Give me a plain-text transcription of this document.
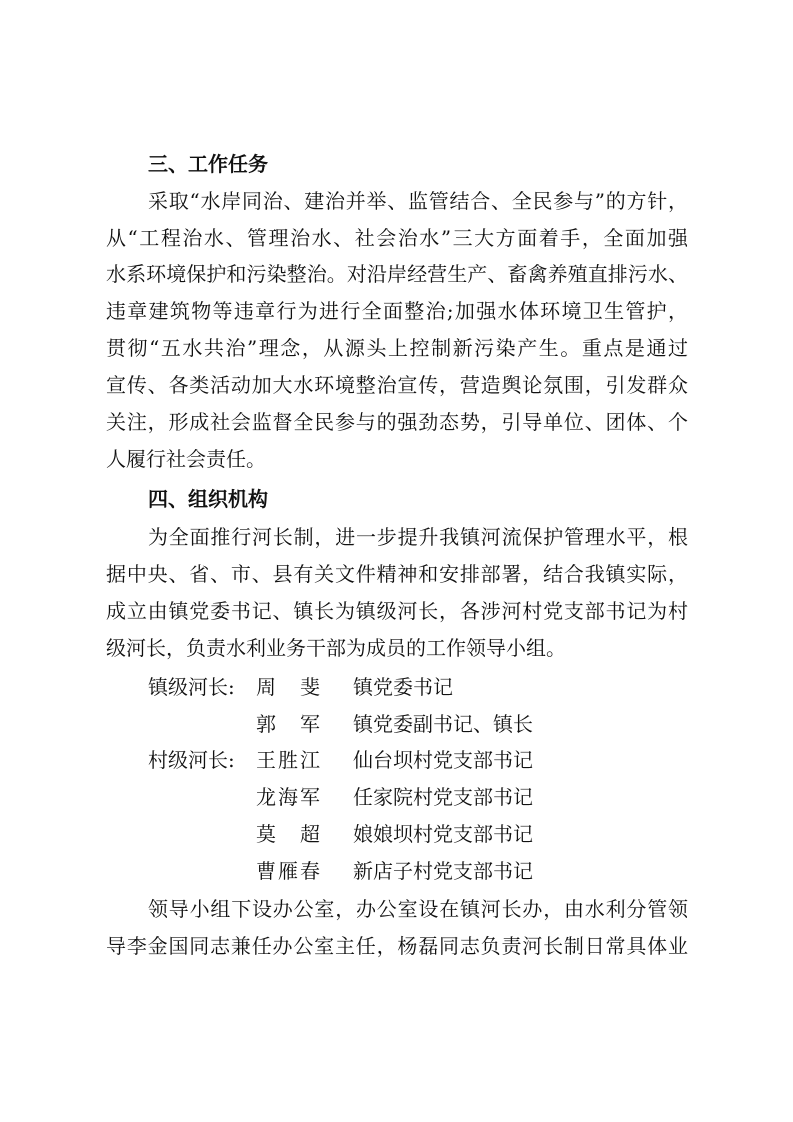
三、工作任务
采取“水岸同治、建治并举、监管结合、全民参与”的方针，
从“工程治水、管理治水、社会治水”三大方面着手，全面加强
水系环境保护和污染整治。对沿岸经营生产、畜禽养殖直排污水、
违章建筑物等违章行为进行全面整治;加强水体环境卫生管护，
贯彻“五水共治”理念，从源头上控制新污染产生。重点是通过
宣传、各类活动加大水环境整治宣传，营造舆论氛围，引发群众
关注，形成社会监督全民参与的强劲态势，引导单位、团体、个
人履行社会责任。
四、组织机构
为全面推行河长制，进一步提升我镇河流保护管理水平，根
据中央、省、市、县有关文件精神和安排部署，结合我镇实际，
成立由镇党委书记、镇长为镇级河长，各涉河村党支部书记为村
级河长，负责水利业务干部为成员的工作领导小组。
镇级河长: 周　斐 镇党委书记
郭　军 镇党委副书记、镇长
村级河长: 王胜江 仙台坝村党支部书记
龙海军 任家院村党支部书记
莫　超 娘娘坝村党支部书记
曹雁春 新店子村党支部书记
领导小组下设办公室，办公室设在镇河长办，由水利分管领
导李金国同志兼任办公室主任，杨磊同志负责河长制日常具体业
